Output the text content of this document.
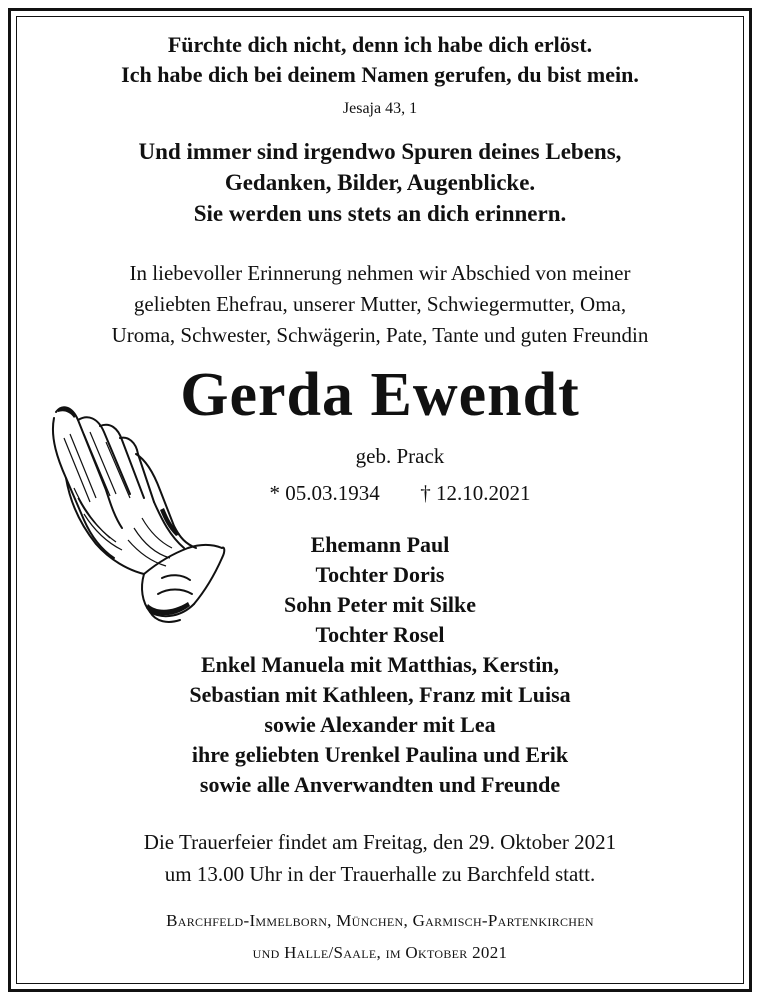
Fürchte dich nicht, denn ich habe dich erlöst.
Ich habe dich bei deinem Namen gerufen, du bist mein.
Jesaja 43, 1
Und immer sind irgendwo Spuren deines Lebens,
Gedanken, Bilder, Augenblicke.
Sie werden uns stets an dich erinnern.
In liebevoller Erinnerung nehmen wir Abschied von meiner
geliebten Ehefrau, unserer Mutter, Schwiegermutter, Oma,
Uroma, Schwester, Schwägerin, Pate, Tante und guten Freundin
Gerda Ewendt
geb. Prack
* 05.03.1934 † 12.10.2021
Ehemann Paul
Tochter Doris
Sohn Peter mit Silke
Tochter Rosel
Enkel Manuela mit Matthias, Kerstin,
Sebastian mit Kathleen, Franz mit Luisa
sowie Alexander mit Lea
ihre geliebten Urenkel Paulina und Erik
sowie alle Anverwandten und Freunde
Die Trauerfeier findet am Freitag, den 29. Oktober 2021
um 13.00 Uhr in der Trauerhalle zu Barchfeld statt.
Barchfeld-Immelborn, München, Garmisch-Partenkirchen
und Halle/Saale, im Oktober 2021
